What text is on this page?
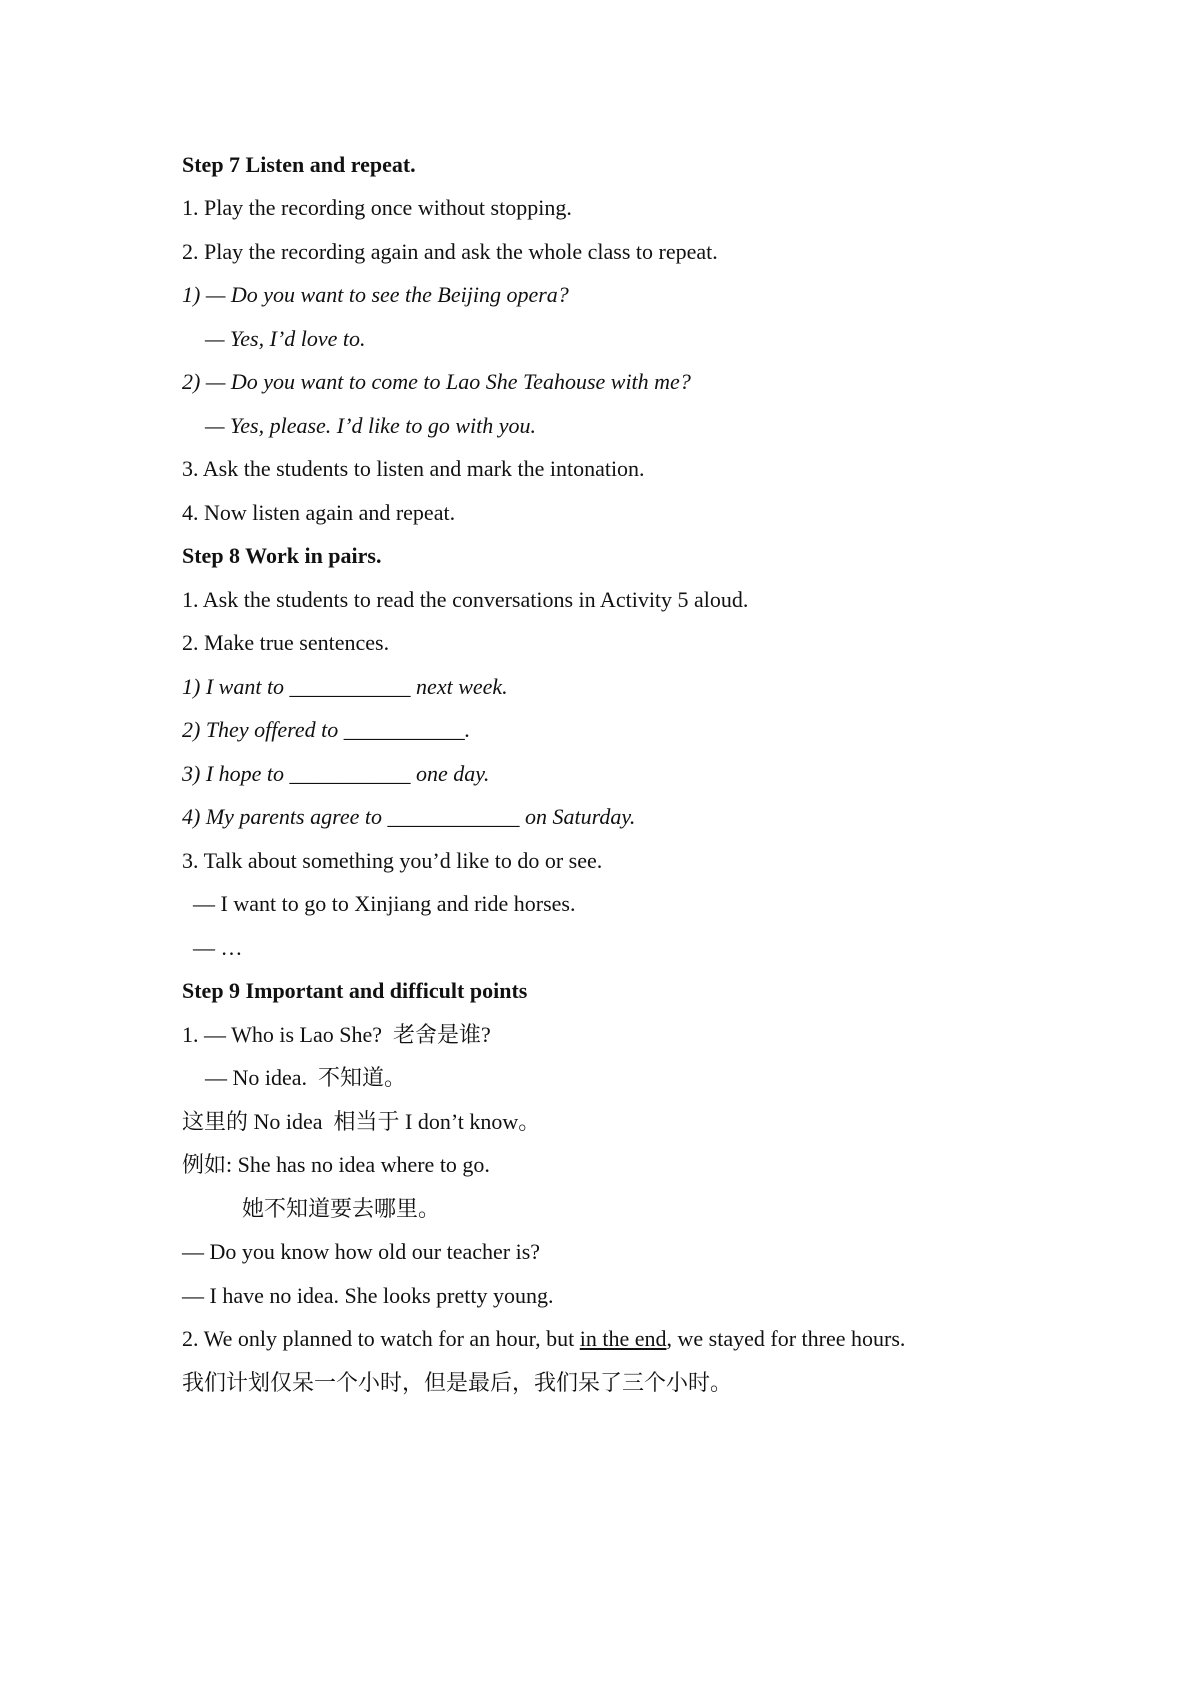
Step 7 Listen and repeat.
1. Play the recording once without stopping.
2. Play the recording again and ask the whole class to repeat.
1) — Do you want to see the Beijing opera?
— Yes, I’d love to.
2) — Do you want to come to Lao She Teahouse with me?
— Yes, please. I’d like to go with you.
3. Ask the students to listen and mark the intonation.
4. Now listen again and repeat.
Step 8 Work in pairs.
1. Ask the students to read the conversations in Activity 5 aloud.
2. Make true sentences.
1) I want to ___________ next week.
2) They offered to ___________.
3) I hope to ___________ one day.
4) My parents agree to ____________ on Saturday.
3. Talk about something you’d like to do or see.
— I want to go to Xinjiang and ride horses.
— …
Step 9 Important and difficult points
1. — Who is Lao She?  老舍是谁?
— No idea.  不知道。
这里的 No idea  相当于 I don’t know。
例如: She has no idea where to go.
她不知道要去哪里。
— Do you know how old our teacher is?
— I have no idea. She looks pretty young.
2. We only planned to watch for an hour, but in the end, we stayed for three hours.
我们计划仅呆一个小时，但是最后，我们呆了三个小时。
